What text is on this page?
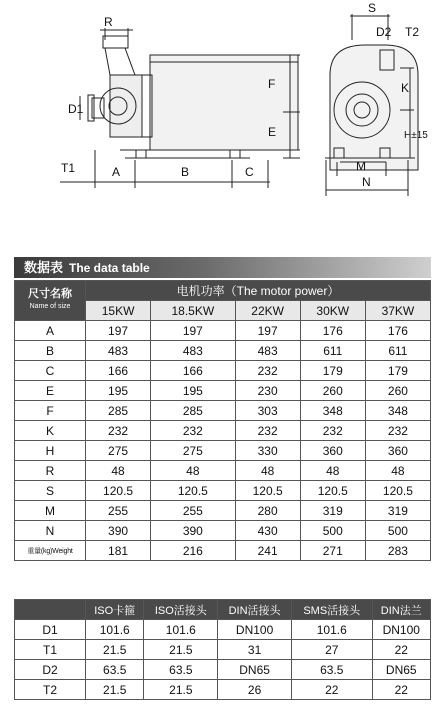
R
D1
T1	A	B	C
E
F
S
D2 T2
K
H±15
M
N
数据表 The data table
尺寸名称
Name of size	电机功率（The motor power）				
	15KW	18.5KW	22KW	30KW	37KW
A	197	197	197	176	176
B	483	483	483	611	611
C	166	166	232	179	179
E	195	195	230	260	260
F	285	285	303	348	348
K	232	232	232	232	232
H	275	275	330	360	360
R	48	48	48	48	48
S	120.5	120.5	120.5	120.5	120.5
M	255	255	280	319	319
N	390	390	430	500	500
重量(kg)Weight	181	216	241	271	283
	ISO卡箍	ISO活接头	DIN活接头	SMS活接头	DIN法兰
D1	101.6	101.6	DN100	101.6	DN100
T1	21.5	21.5	31	27	22
D2	63.5	63.5	DN65	63.5	DN65
T2	21.5	21.5	26	22	22
